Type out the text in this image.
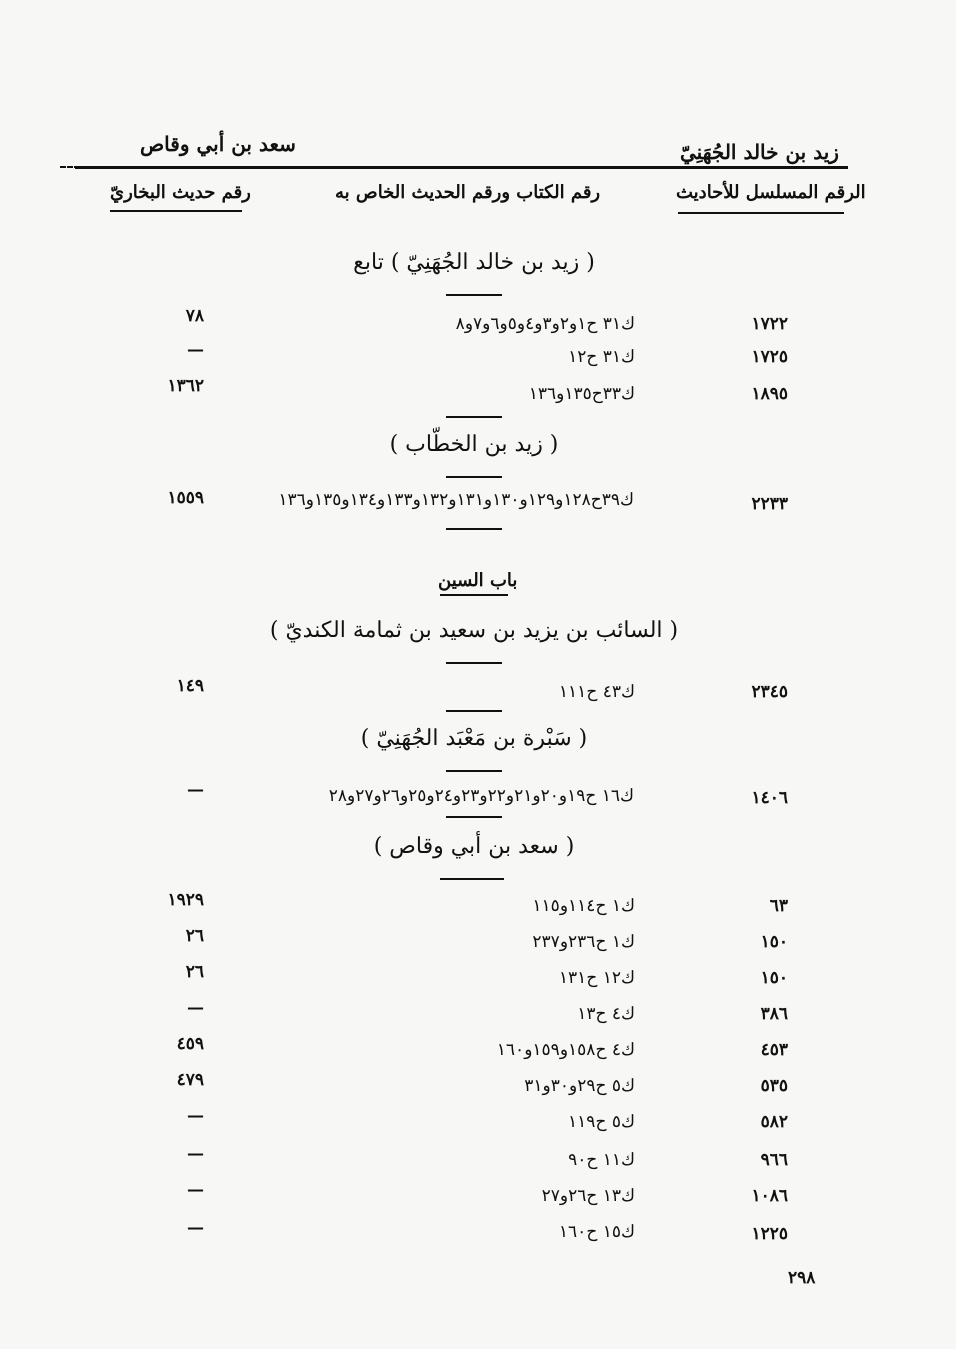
زيد بن خالد الجُهَنِيّ
سعد بن أبي وقاص
الرقم المسلسل للأحاديث
رقم الكتاب ورقم الحديث الخاص به
رقم حديث البخاريّ
( زيد بن خالد الجُهَنِيّ ) تابع
١٧٢٢
ك٣١ ح١و٢و٣و٤و٥و٦و٧و٨
٧٨
١٧٢٥
ك٣١ ح١٢
—
١٨٩٥
ك٣٣ح١٣٥و١٣٦
١٣٦٢
( زيد بن الخطّاب )
٢٢٣٣
ك٣٩ح١٢٨و١٢٩و١٣٠و١٣١و١٣٢و١٣٣و١٣٤و١٣٥و١٣٦
١٥٥٩
باب السين
( السائب بن يزيد بن سعيد بن ثمامة الكنديّ )
٢٣٤٥
ك٤٣ ح١١١
١٤٩
( سَبْرة بن مَعْبَد الجُهَنِيّ )
١٤٠٦
ك١٦ ح١٩و٢٠و٢١و٢٢و٢٣و٢٤و٢٥و٢٦و٢٧و٢٨
—
( سعد بن أبي وقاص )
٦٣
ك١ ح١١٤و١١٥
١٩٢٩
١٥٠
ك١ ح٢٣٦و٢٣٧
٢٦
١٥٠
ك١٢ ح١٣١
٢٦
٣٨٦
ك٤ ح١٣
—
٤٥٣
ك٤ ح١٥٨و١٥٩و١٦٠
٤٥٩
٥٣٥
ك٥ ح٢٩و٣٠و٣١
٤٧٩
٥٨٢
ك٥ ح١١٩
—
٩٦٦
ك١١ ح٩٠
—
١٠٨٦
ك١٣ ح٢٦و٢٧
—
١٢٢٥
ك١٥ ح١٦٠
—
٢٩٨
